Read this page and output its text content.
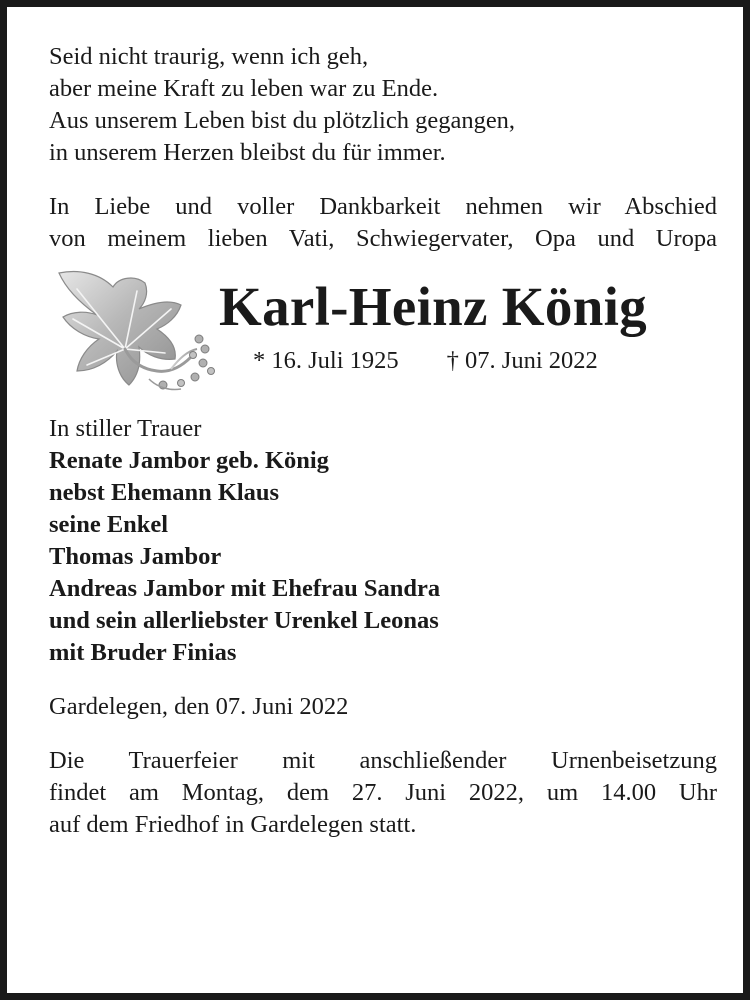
Seid nicht traurig, wenn ich geh,
aber meine Kraft zu leben war zu Ende.
Aus unserem Leben bist du plötzlich gegangen,
in unserem Herzen bleibst du für immer.

In Liebe und voller Dankbarkeit nehmen wir Abschied
von meinem lieben Vati, Schwiegervater, Opa und Uropa

Karl-Heinz König
* 16. Juli 1925 † 07. Juni 2022
In stiller Trauer
Renate Jambor geb. König
nebst Ehemann Klaus
seine Enkel
Thomas Jambor
Andreas Jambor mit Ehefrau Sandra
und sein allerliebster Urenkel Leonas
mit Bruder Finias

Gardelegen, den 07. Juni 2022

Die Trauerfeier mit anschließender Urnenbeisetzung
findet am Montag, dem 27. Juni 2022, um 14.00 Uhr
auf dem Friedhof in Gardelegen statt.
